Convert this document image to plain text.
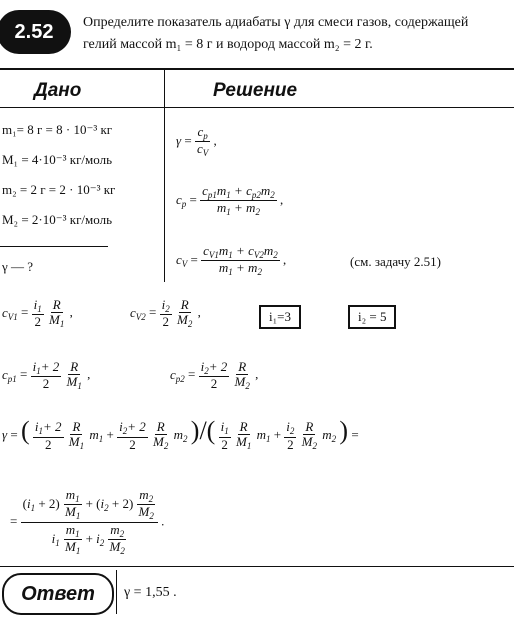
2.52	Определите показатель адиабаты γ для смеси газов, содержащей
гелий массой m₁ = 8 г и водород массой m₂ = 2 г.
Дано	Решение
m₁= 8 г = 8 · 10⁻³ кг
M₁ = 4·10⁻³ кг/моль
m₂ = 2 г = 2 · 10⁻³ кг
M₂ = 2·10⁻³ кг/моль
γ — ?
$\gamma = \frac{c_p}{c_V}$ ,
$c_p = \frac{c_{p1}m_1 + c_{p2}m_2}{m_1 + m_2}$ ,
$c_V = \frac{c_{V1}m_1 + c_{V2}m_2}{m_1 + m_2}$ ,	(см. задачу 2.51)
$c_{V1} = \frac{i_1}{2}$
$\frac{R}{M_1}$ ,	$c_{V2} = \frac{i_2}{2}$
$\frac{R}{M_2}$ ,	i₁=3	i₂ = 5
$c_{p1} = \frac{i_1+ 2}{2}$
$\frac{R}{M_1}$ ,	$c_{p2} = \frac{i_2+ 2}{2}$
$\frac{R}{M_2}$ ,
γ = ( $\frac{i_1+ 2}{2}$
$\frac{R}{M_1} m_1 + \frac{i_2+ 2}{2}$
$\frac{R}{M_2} m_2$ )/( $\frac{i_1}{2}$
$\frac{R}{M_1} m_1 + \frac{i_2}{2}$
$\frac{R}{M_2} m_2$ ) =
= $\frac{(i_1 + 2) \frac{m_1}{M_1} + (i_2 + 2) \frac{m_2}{M_2}}{i_1 \frac{m_1}{M_1} + i_2 \frac{m_2}{M_2}}$ .
Ответ	γ = 1,55 .
